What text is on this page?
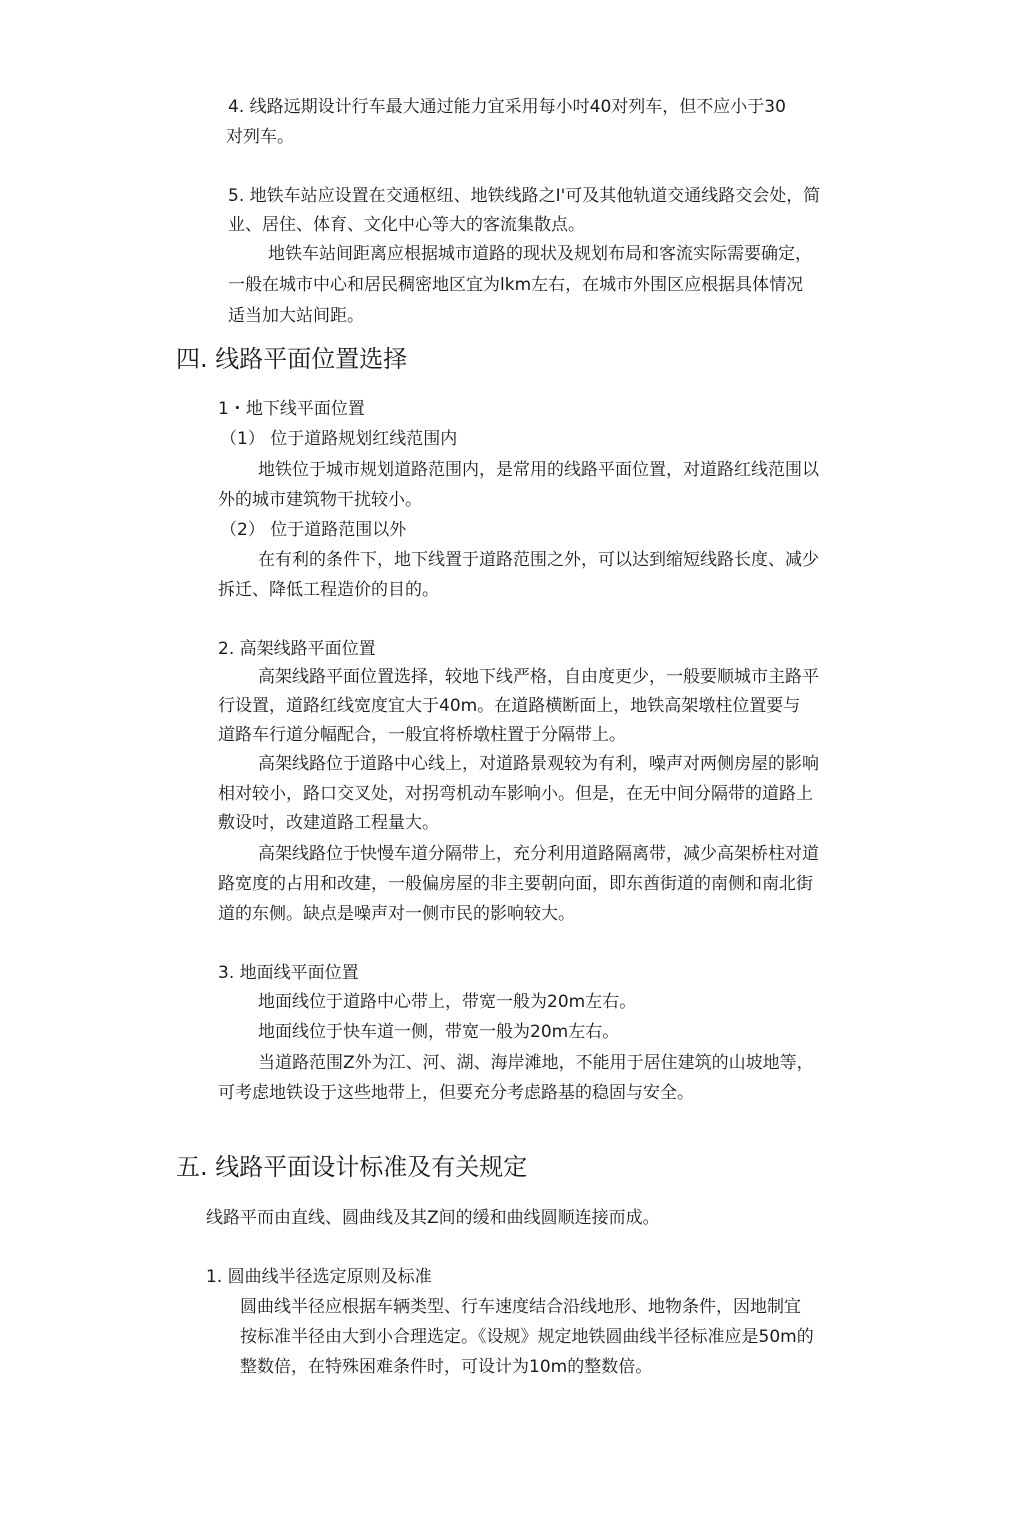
4. 线路远期设计行车最大通过能力宜采用每小吋40对列车，但不应小于30
对列车。
5. 地铁车站应设置在交通枢纽、地铁线路之I'可及其他轨道交通线路交会处，简
业、居住、体育、文化中心等大的客流集散点。
地铁车站间距离应根据城市道路的现状及规划布局和客流实际需要确定，
一般在城市中心和居民稠密地区宜为lkm左右，在城市外围区应根据具体情况
适当加大站间距。
四. 线路平面位置选择
1・地下线平面位置
（1） 位于道路规划红线范围内
地铁位于城市规划道路范围内，是常用的线路平面位置，对道路红线范围以
外的城市建筑物干扰较小。
（2） 位于道路范围以外
在有利的条件下，地下线置于道路范围之外，可以达到缩短线路长度、减少
拆迁、降低工程造价的目的。
2. 高架线路平面位置
高架线路平面位置选择，较地下线严格，自由度更少，一般要顺城市主路平
行设置，道路红线宽度宜大于40m。在道路横断面上，地铁高架墩柱位置要与
道路车行道分幅配合，一般宜将桥墩柱置于分隔带上。
高架线路位于道路中心线上，对道路景观较为有利，噪声对两侧房屋的影响
相对较小，路口交叉处，对拐弯机动车影响小。但是，在无中间分隔带的道路上
敷设吋，改建道路工程量大。
高架线路位于快慢车道分隔带上，充分利用道路隔离带，减少高架桥柱对道
路宽度的占用和改建，一般偏房屋的非主要朝向面，即东酋街道的南侧和南北街
道的东侧。缺点是噪声对一侧市民的影响较大。
3. 地面线平面位置
地面线位于道路中心带上，带宽一般为20m左右。
地面线位于快车道一侧，带宽一般为20m左右。
当道路范围Z外为江、河、湖、海岸滩地，不能用于居住建筑的山坡地等，
可考虑地铁设于这些地带上，但要充分考虑路基的稳固与安全。
五. 线路平面设计标准及有关规定
线路平而由直线、圆曲线及其Z间的缓和曲线圆顺连接而成。
1. 圆曲线半径选定原则及标准
圆曲线半径应根据车辆类型、行车速度结合沿线地形、地物条件，因地制宜
按标准半径由大到小合理选定。《设规》规定地铁圆曲线半径标准应是50m的
整数倍，在特殊困难条件时，可设计为10m的整数倍。
